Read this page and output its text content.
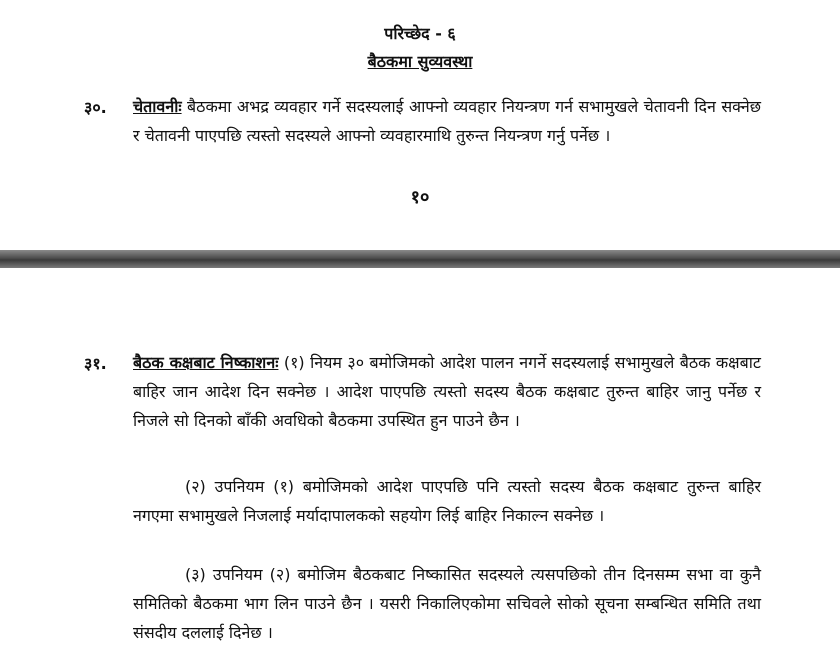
परिच्छेद - ६
बैठकमा सुव्यवस्था
३०. चेतावनीः बैठकमा अभद्र व्यवहार गर्ने सदस्यलाई आफ्नो व्यवहार नियन्त्रण गर्न सभामुखले चेतावनी दिन सक्नेछ र चेतावनी पाएपछि त्यस्तो सदस्यले आफ्नो व्यवहारमाथि तुरुन्त नियन्त्रण गर्नु पर्नेछ ।
१०
३१. बैठक कक्षबाट निष्काशनः (१) नियम ३० बमोजिमको आदेश पालन नगर्ने सदस्यलाई सभामुखले बैठक कक्षबाट बाहिर जान आदेश दिन सक्नेछ । आदेश पाएपछि त्यस्तो सदस्य बैठक कक्षबाट तुरुन्त बाहिर जानु पर्नेछ र निजले सो दिनको बाँकी अवधिको बैठकमा उपस्थित हुन पाउने छैन ।
(२) उपनियम (१) बमोजिमको आदेश पाएपछि पनि त्यस्तो सदस्य बैठक कक्षबाट तुरुन्त बाहिर नगएमा सभामुखले निजलाई मर्यादापालकको सहयोग लिई बाहिर निकाल्न सक्नेछ ।
(३) उपनियम (२) बमोजिम बैठकबाट निष्कासित सदस्यले त्यसपछिको तीन दिनसम्म सभा वा कुनै समितिको बैठकमा भाग लिन पाउने छैन । यसरी निकालिएकोमा सचिवले सोको सूचना सम्बन्धित समिति तथा संसदीय दललाई दिनेछ ।
